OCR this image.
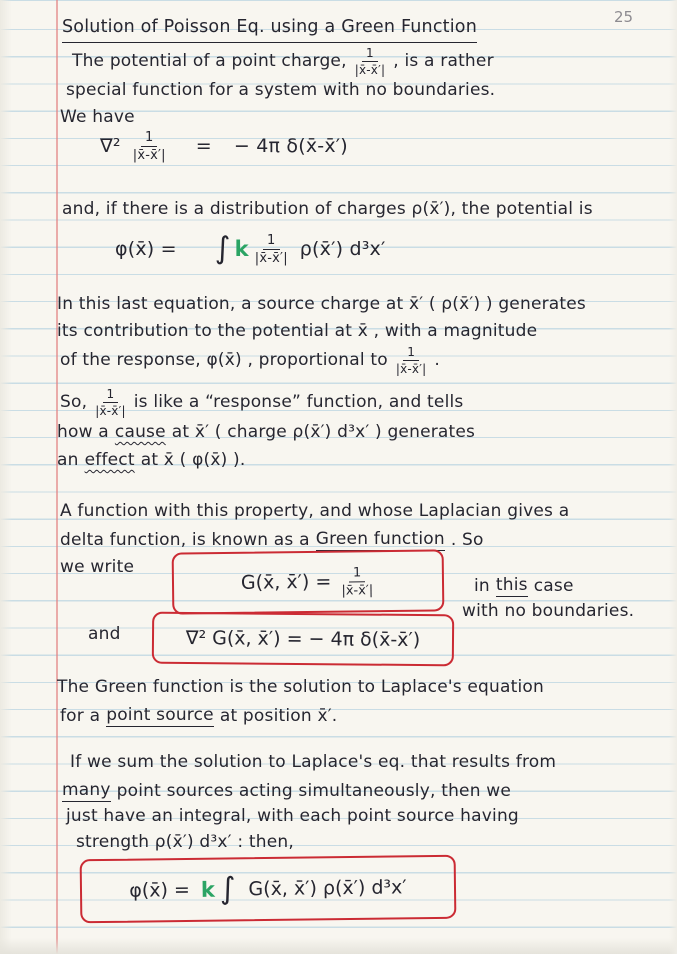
25
Solution of Poisson Eq. using a Green Function
The potential of a point charge, $\frac{1}{|x̄-x̄'|}$ , is a rather
special function for a system with no boundaries.
We have
$\nabla^2 \frac{1}{|x̄-x̄'|}$ = − 4π δ(x̄-x̄′)
and, if there is a distribution of charges ρ(x̄′), the potential is
φ(x̄) = ∫ k $\frac{1}{|x̄-x̄'|}$ ρ(x̄′) d³x′
In this last equation, a source charge at x̄′ ( ρ(x̄′) ) generates
its contribution to the potential at x̄ , with a magnitude
of the response, φ(x̄) , proportional to $\frac{1}{|x̄-x̄'|}$ .
So, $\frac{1}{|x̄-x̄'|}$ is like a “response” function, and tells
how a cause at x̄′ ( charge ρ(x̄′) d³x′ ) generates
an effect at x̄ ( φ(x̄) ).
A function with this property, and whose Laplacian gives a
delta function, is known as a Green function . So
we write
G(x̄, x̄′) = $\frac{1}{|x̄-x̄'|}$	in this case
with no boundaries.
and	∇² G(x̄, x̄′) = − 4π δ(x̄-x̄′)
The Green function is the solution to Laplace's equation
for a point source at position x̄′.
If we sum the solution to Laplace's eq. that results from
many point sources acting simultaneously, then we
just have an integral, with each point source having
strength ρ(x̄′) d³x′ : then,
φ(x̄) = k ∫ G(x̄, x̄′) ρ(x̄′) d³x′
